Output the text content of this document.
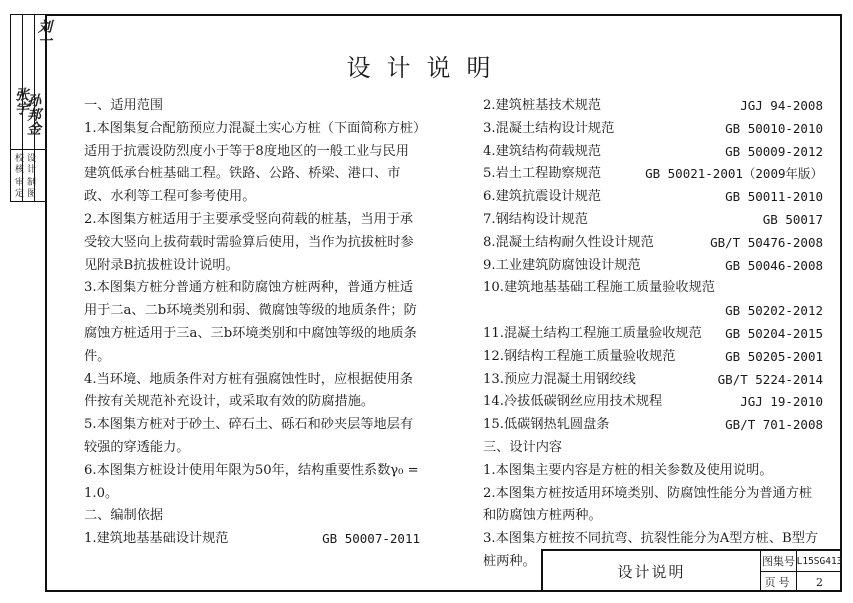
校核 设计
审定 制图
张宇
孙邦金
刘一
设计说明
一、适用范围
1.本图集复合配筋预应力混凝土实心方桩（下面简称方桩）适用于抗震设防烈度小于等于8度地区的一般工业与民用建筑低承台桩基础工程。铁路、公路、桥梁、港口、市政、水利等工程可参考使用。
2.本图集方桩适用于主要承受竖向荷载的桩基，当用于承受较大竖向上拔荷载时需验算后使用，当作为抗拔桩时参见附录B抗拔桩设计说明。
3.本图集方桩分普通方桩和防腐蚀方桩两种，普通方桩适用于二a、二b环境类别和弱、微腐蚀等级的地质条件；防腐蚀方桩适用于三a、三b环境类别和中腐蚀等级的地质条件。
4.当环境、地质条件对方桩有强腐蚀性时，应根据使用条件按有关规范补充设计，或采取有效的防腐措施。
5.本图集方桩对于砂土、碎石土、砾石和砂夹层等地层有较强的穿透能力。
6.本图集方桩设计使用年限为50年，结构重要性系数γ₀ = 1.0。
二、编制依据
1.建筑地基基础设计规范	GB 50007-2011
2.建筑桩基技术规范	JGJ 94-2008
3.混凝土结构设计规范	GB 50010-2010
4.建筑结构荷载规范	GB 50009-2012
5.岩土工程勘察规范	GB 50021-2001（2009年版）
6.建筑抗震设计规范	GB 50011-2010
7.钢结构设计规范	GB 50017
8.混凝土结构耐久性设计规范	GB/T 50476-2008
9.工业建筑防腐蚀设计规范	GB 50046-2008
10.建筑地基基础工程施工质量验收规范
GB 50202-2012
11.混凝土结构工程施工质量验收规范 GB 50204-2015
12.钢结构工程施工质量验收规范	GB 50205-2001
13.预应力混凝土用钢绞线	GB/T 5224-2014
14.冷拔低碳钢丝应用技术规程	JGJ 19-2010
15.低碳钢热轧圆盘条	GB/T 701-2008
三、设计内容
1.本图集主要内容是方桩的相关参数及使用说明。
2.本图集方桩按适用环境类别、防腐蚀性能分为普通方桩和防腐蚀方桩两种。
3.本图集方桩按不同抗弯、抗裂性能分为A型方桩、B型方桩两种。
设计说明
图集号 L15SG413
页号	2
